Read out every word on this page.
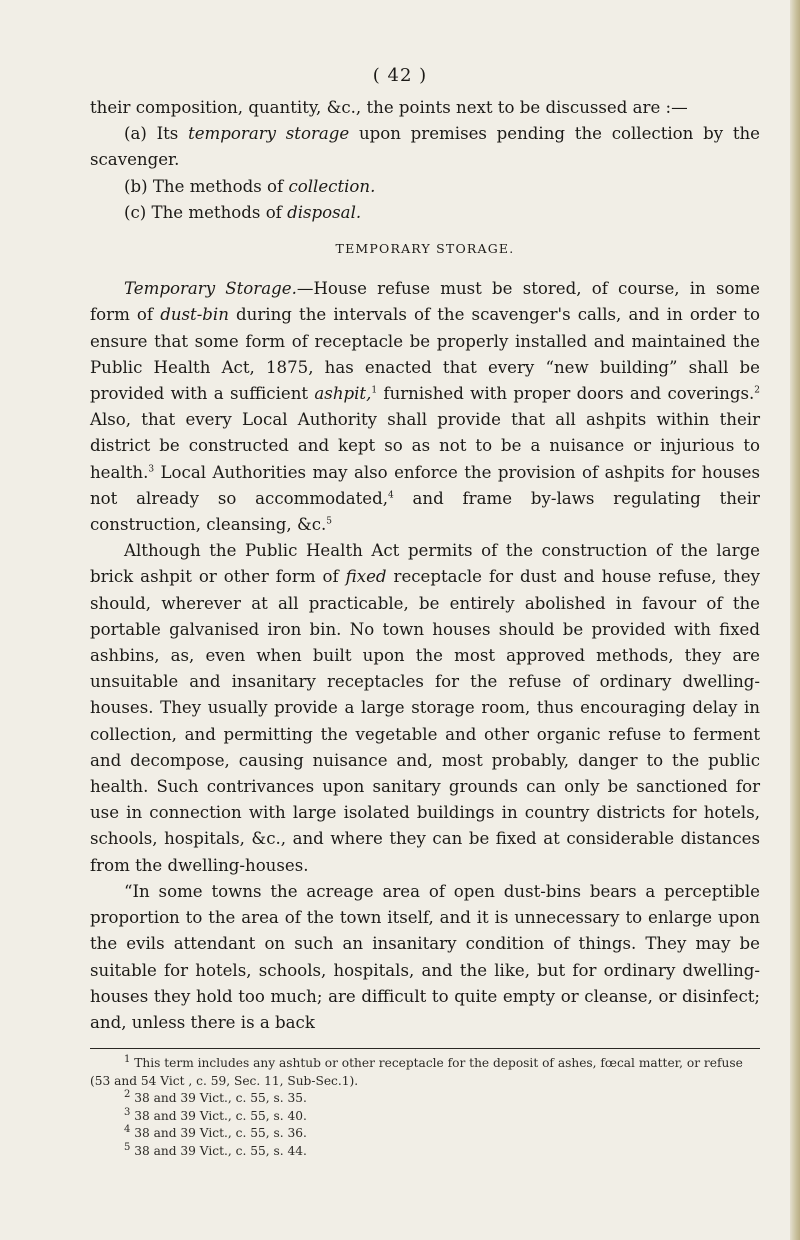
( 42 )

their composition, quantity, &c., the points next to be discussed are :—

(a) Its temporary storage upon premises pending the collection by the scavenger.

(b) The methods of collection.

(c) The methods of disposal.

TEMPORARY STORAGE.

Temporary Storage.—House refuse must be stored, of course, in some form of dust-bin during the intervals of the scavenger's calls, and in order to ensure that some form of receptacle be properly installed and maintained the Public Health Act, 1875, has enacted that every “new building” shall be provided with a sufficient ashpit,$^1$ furnished with proper doors and coverings.$^2$ Also, that every Local Authority shall provide that all ashpits within their district be constructed and kept so as not to be a nuisance or injurious to health.$^3$ Local Authorities may also enforce the provision of ashpits for houses not already so accommodated,$^4$ and frame by-laws regulating their construction, cleansing, &c.$^5$

Although the Public Health Act permits of the construction of the large brick ashpit or other form of fixed receptacle for dust and house refuse, they should, wherever at all practicable, be entirely abolished in favour of the portable galvanised iron bin. No town houses should be provided with fixed ashbins, as, even when built upon the most approved methods, they are unsuitable and insanitary receptacles for the refuse of ordinary dwelling-houses. They usually provide a large storage room, thus encouraging delay in collection, and permitting the vegetable and other organic refuse to ferment and decompose, causing nuisance and, most probably, danger to the public health. Such contrivances upon sanitary grounds can only be sanctioned for use in connection with large isolated buildings in country districts for hotels, schools, hospitals, &c., and where they can be fixed at considerable distances from the dwelling-houses.

“In some towns the acreage area of open dust-bins bears a perceptible proportion to the area of the town itself, and it is unnecessary to enlarge upon the evils attendant on such an insanitary condition of things. They may be suitable for hotels, schools, hospitals, and the like, but for ordinary dwelling-houses they hold too much; are difficult to quite empty or cleanse, or disinfect; and, unless there is a back

$^1$ This term includes any ashtub or other receptacle for the deposit of ashes, fœcal matter, or refuse (53 and 54 Vict , c. 59, Sec. 11, Sub-Sec.1).

$^2$ 38 and 39 Vict., c. 55, s. 35.

$^3$ 38 and 39 Vict., c. 55, s. 40.

$^4$ 38 and 39 Vict., c. 55, s. 36.

$^5$ 38 and 39 Vict., c. 55, s. 44.
